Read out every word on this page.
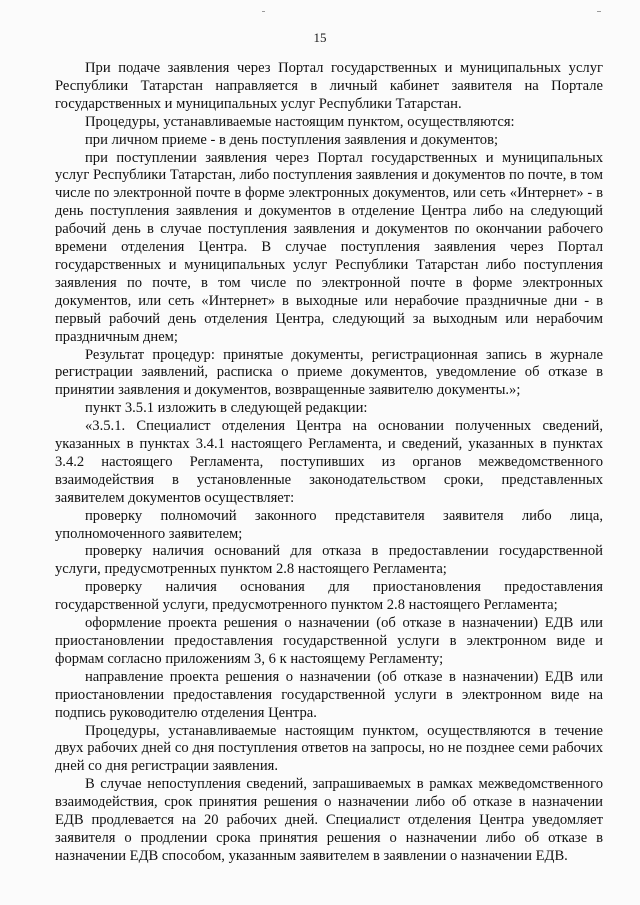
15

При подаче заявления через Портал государственных и муниципальных услуг Республики Татарстан направляется в личный кабинет заявителя на Портале государственных и муниципальных услуг Республики Татарстан.

Процедуры, устанавливаемые настоящим пунктом, осуществляются:

при личном приеме - в день поступления заявления и документов;

при поступлении заявления через Портал государственных и муниципальных услуг Республики Татарстан, либо поступления заявления и документов по почте, в том числе по электронной почте в форме электронных документов, или сеть «Интернет» - в день поступления заявления и документов в отделение Центра либо на следующий рабочий день в случае поступления заявления и документов по окончании рабочего времени отделения Центра. В случае поступления заявления через Портал государственных и муниципальных услуг Республики Татарстан либо поступления заявления по почте, в том числе по электронной почте в форме электронных документов, или сеть «Интернет» в выходные или нерабочие праздничные дни - в первый рабочий день отделения Центра, следующий за выходным или нерабочим праздничным днем;

Результат процедур: принятые документы, регистрационная запись в журнале регистрации заявлений, расписка о приеме документов, уведомление об отказе в принятии заявления и документов, возвращенные заявителю документы.»;

пункт 3.5.1 изложить в следующей редакции:

«3.5.1. Специалист отделения Центра на основании полученных сведений, указанных в пунктах 3.4.1 настоящего Регламента, и сведений, указанных в пунктах 3.4.2 настоящего Регламента, поступивших из органов межведомственного взаимодействия в установленные законодательством сроки, представленных заявителем документов осуществляет:

проверку полномочий законного представителя заявителя либо лица, уполномоченного заявителем;

проверку наличия оснований для отказа в предоставлении государственной услуги, предусмотренных пунктом 2.8 настоящего Регламента;

проверку наличия основания для приостановления предоставления государственной услуги, предусмотренного пунктом 2.8 настоящего Регламента;

оформление проекта решения о назначении (об отказе в назначении) ЕДВ или приостановлении предоставления государственной услуги в электронном виде и формам согласно приложениям 3, 6 к настоящему Регламенту;

направление проекта решения о назначении (об отказе в назначении) ЕДВ или приостановлении предоставления государственной услуги в электронном виде на подпись руководителю отделения Центра.

Процедуры, устанавливаемые настоящим пунктом, осуществляются в течение двух рабочих дней со дня поступления ответов на запросы, но не позднее семи рабочих дней со дня регистрации заявления.

В случае непоступления сведений, запрашиваемых в рамках межведомственного взаимодействия, срок принятия решения о назначении либо об отказе в назначении ЕДВ продлевается на 20 рабочих дней. Специалист отделения Центра уведомляет заявителя о продлении срока принятия решения о назначении либо об отказе в назначении ЕДВ способом, указанным заявителем в заявлении о назначении ЕДВ.
